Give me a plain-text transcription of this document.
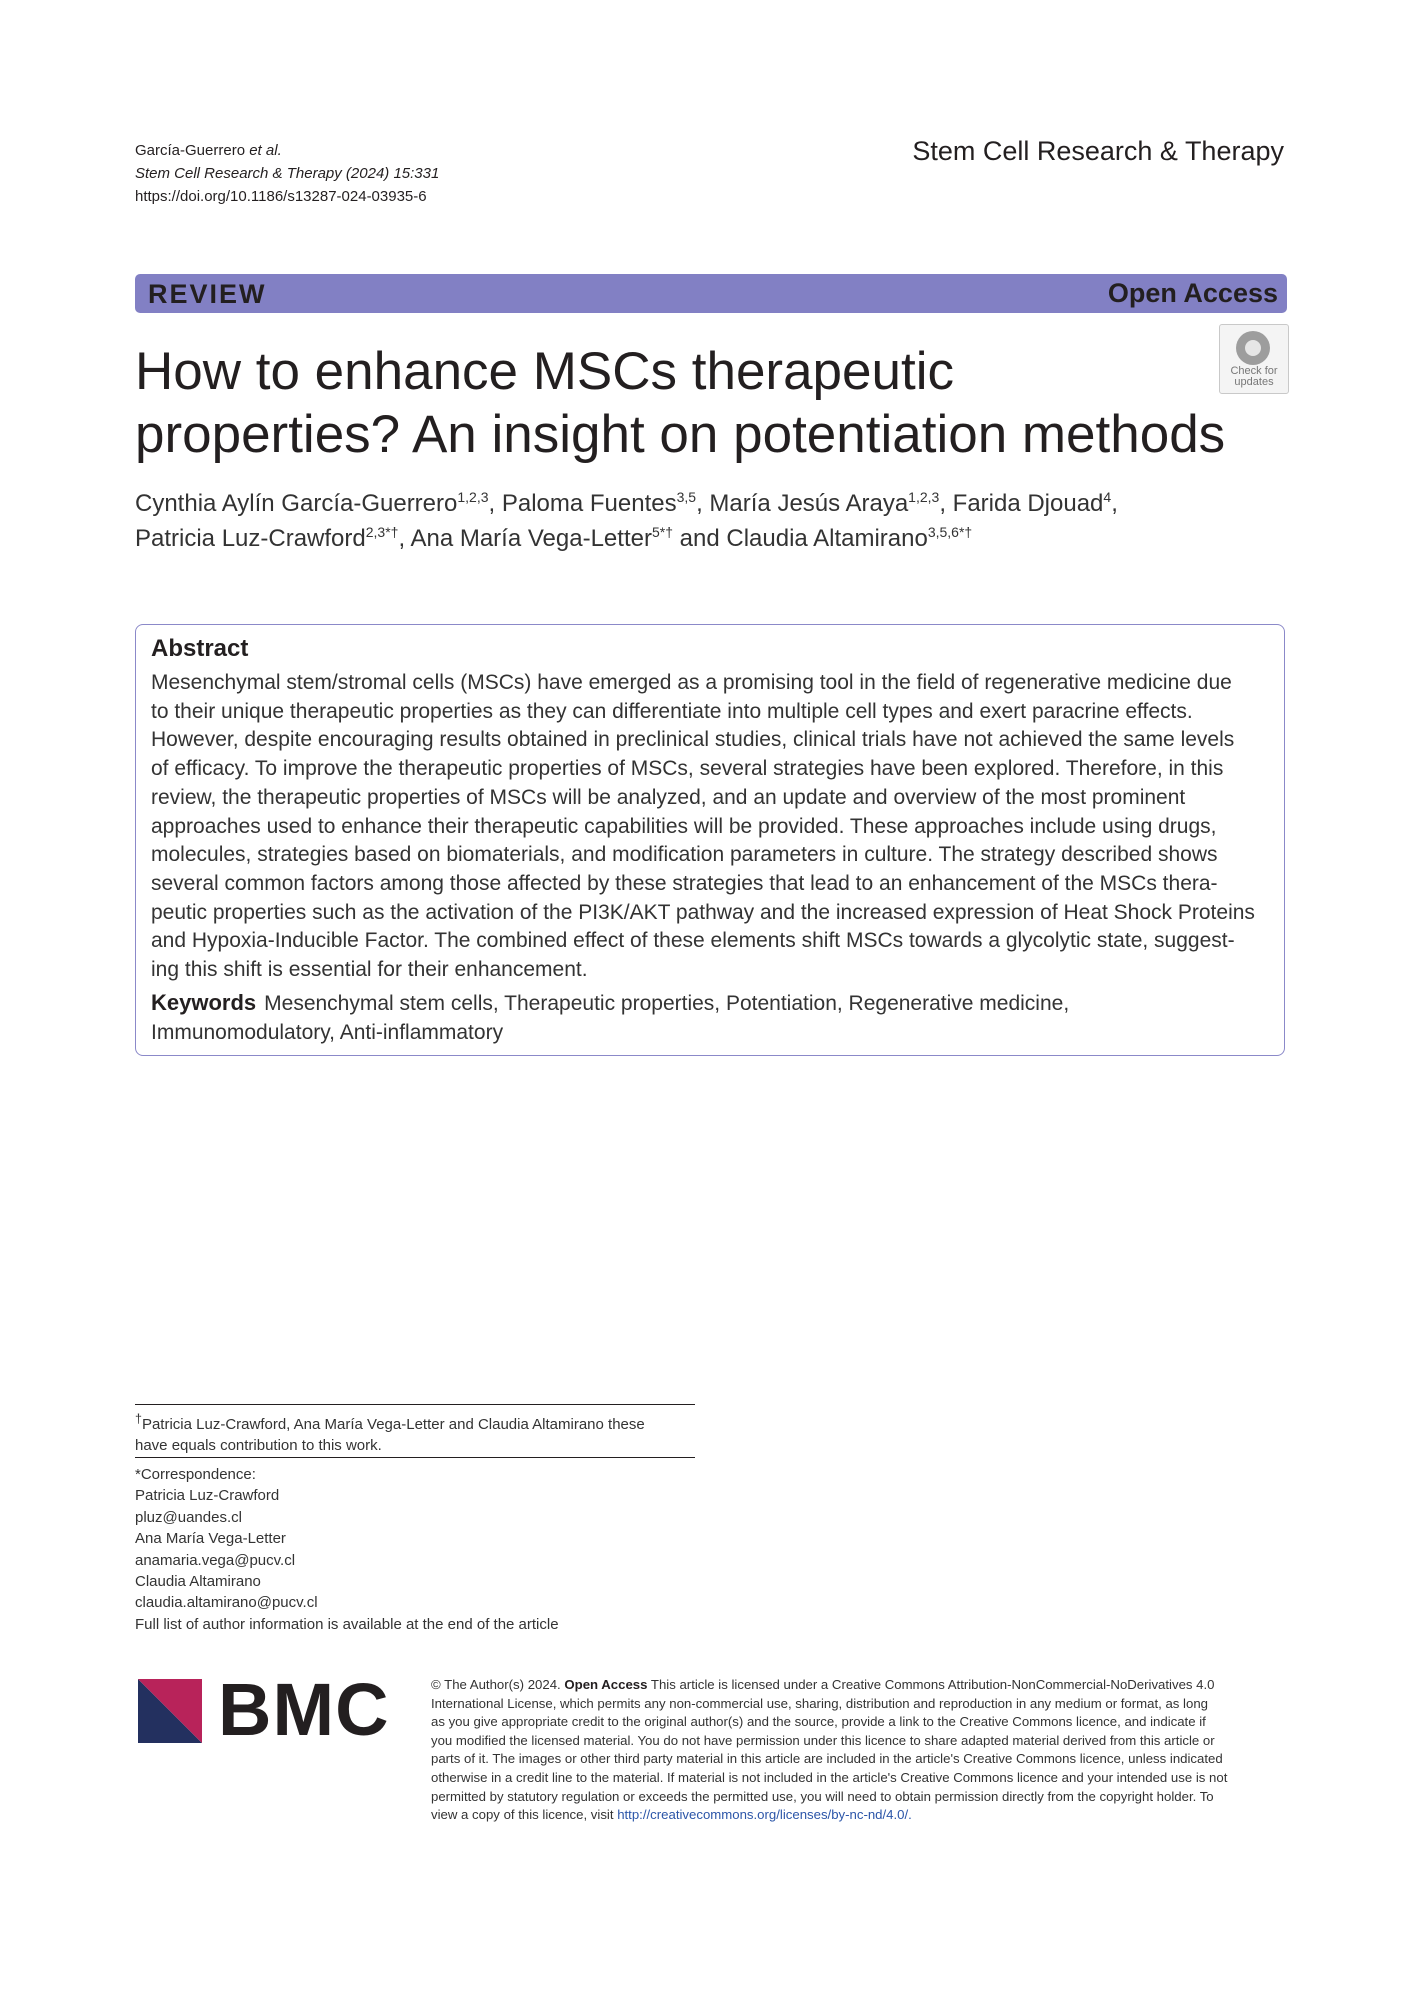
García-Guerrero et al.
Stem Cell Research & Therapy (2024) 15:331
https://doi.org/10.1186/s13287-024-03935-6
Stem Cell Research & Therapy
REVIEW	Open Access
How to enhance MSCs therapeutic
properties? An insight on potentiation methods
Check for
updates
Cynthia Aylín García-Guerrero$^{1,2,3}$, Paloma Fuentes$^{3,5}$, María Jesús Araya$^{1,2,3}$, Farida Djouad$^4$,
Patricia Luz-Crawford$^{2,3*\dagger}$, Ana María Vega-Letter$^{5*\dagger}$ and Claudia Altamirano$^{3,5,6*\dagger}$
Abstract
Mesenchymal stem/stromal cells (MSCs) have emerged as a promising tool in the field of regenerative medicine due
to their unique therapeutic properties as they can differentiate into multiple cell types and exert paracrine effects.
However, despite encouraging results obtained in preclinical studies, clinical trials have not achieved the same levels
of efficacy. To improve the therapeutic properties of MSCs, several strategies have been explored. Therefore, in this
review, the therapeutic properties of MSCs will be analyzed, and an update and overview of the most prominent
approaches used to enhance their therapeutic capabilities will be provided. These approaches include using drugs,
molecules, strategies based on biomaterials, and modification parameters in culture. The strategy described shows
several common factors among those affected by these strategies that lead to an enhancement of the MSCs thera-
peutic properties such as the activation of the PI3K/AKT pathway and the increased expression of Heat Shock Proteins
and Hypoxia-Inducible Factor. The combined effect of these elements shift MSCs towards a glycolytic state, suggest-
ing this shift is essential for their enhancement.
Keywords Mesenchymal stem cells, Therapeutic properties, Potentiation, Regenerative medicine,
Immunomodulatory, Anti-inflammatory
†Patricia Luz-Crawford, Ana María Vega-Letter and Claudia Altamirano these
have equals contribution to this work.
*Correspondence:
Patricia Luz-Crawford
pluz@uandes.cl
Ana María Vega-Letter
anamaria.vega@pucv.cl
Claudia Altamirano
claudia.altamirano@pucv.cl
Full list of author information is available at the end of the article
BMC	© The Author(s) 2024. Open Access This article is licensed under a Creative Commons Attribution-NonCommercial-NoDerivatives 4.0
International License, which permits any non-commercial use, sharing, distribution and reproduction in any medium or format, as long
as you give appropriate credit to the original author(s) and the source, provide a link to the Creative Commons licence, and indicate if
you modified the licensed material. You do not have permission under this licence to share adapted material derived from this article or
parts of it. The images or other third party material in this article are included in the article's Creative Commons licence, unless indicated
otherwise in a credit line to the material. If material is not included in the article's Creative Commons licence and your intended use is not
permitted by statutory regulation or exceeds the permitted use, you will need to obtain permission directly from the copyright holder. To
view a copy of this licence, visit http://creativecommons.org/licenses/by-nc-nd/4.0/.
